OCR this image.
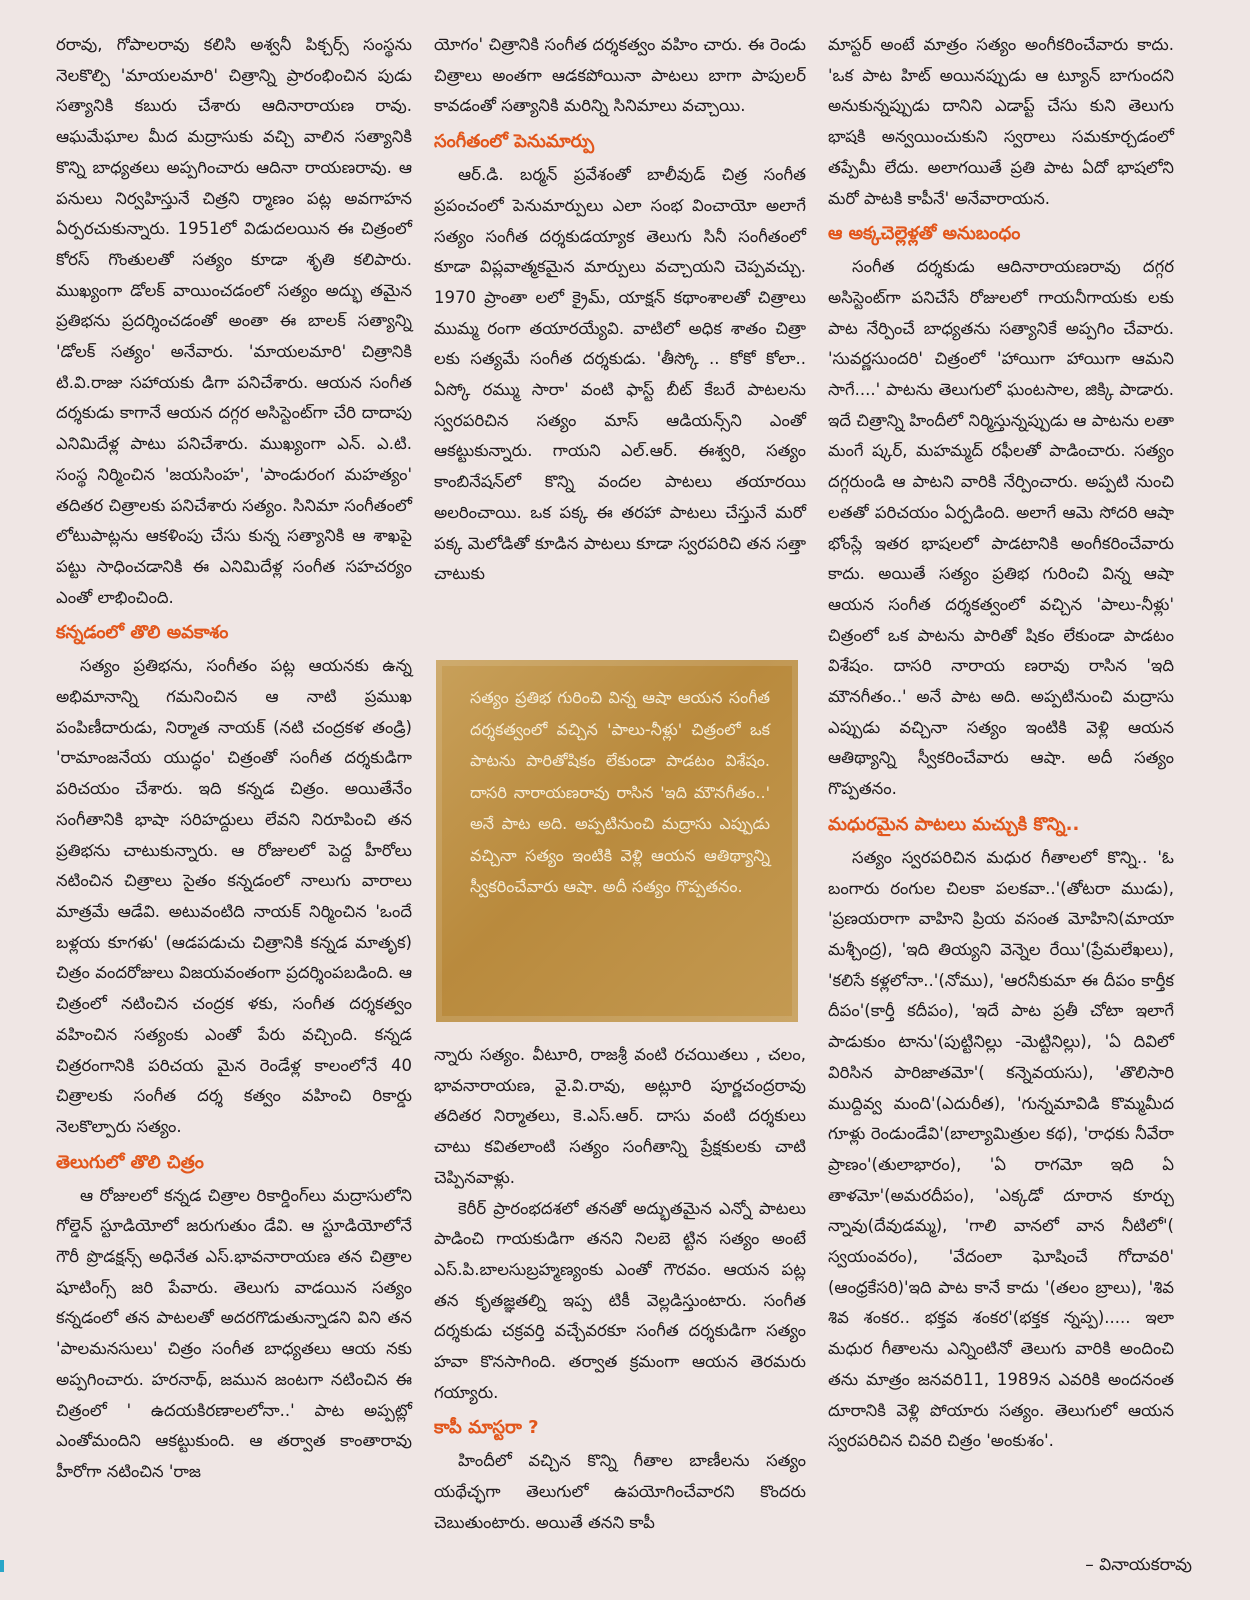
రరావు, గోపాలరావు కలిసి అశ్వనీ పిక్చర్స్ సంస్థను నెలకొల్పి 'మాయలమారి' చిత్రాన్ని ప్రారంభించిన పుడు సత్యానికి కబురు చేశారు ఆదినారాయణ రావు. ఆఘమేఘాల మీద మద్రాసుకు వచ్చి వాలిన సత్యానికి కొన్ని బాధ్యతలు అప్పగించారు ఆదినా రాయణరావు. ఆ పనులు నిర్వహిస్తునే చిత్రని ర్మాణం పట్ల అవగాహన ఏర్పరచుకున్నారు. 1951లో విడుదలయిన ఈ చిత్రంలో కోరస్ గొంతులతో సత్యం కూడా శృతి కలిపారు. ముఖ్యంగా డోలక్ వాయించడంలో సత్యం అద్భు తమైన ప్రతిభను ప్రదర్శించడంతో అంతా ఈ బాలక్ సత్యాన్ని 'డోలక్ సత్యం' అనేవారు. 'మాయలమారి' చిత్రానికి టి.వి.రాజు సహాయకు డిగా పనిచేశారు. ఆయన సంగీత దర్శకుడు కాగానే ఆయన దగ్గర అసిస్టెంట్‌గా చేరి దాదాపు ఎనిమిదేళ్ల పాటు పనిచేశారు. ముఖ్యంగా ఎన్. ఎ.టి. సంస్థ నిర్మించిన 'జయసింహ', 'పాండురంగ మహత్యం' తదితర చిత్రాలకు పనిచేశారు సత్యం. సినిమా సంగీతంలో లోటుపాట్లను ఆకళింపు చేసు కున్న సత్యానికి ఆ శాఖపై పట్టు సాధించడానికి ఈ ఎనిమిదేళ్ల సంగీత సహచర్యం ఎంతో లాభించింది.

కన్నడంలో తొలి అవకాశం

సత్యం ప్రతిభను, సంగీతం పట్ల ఆయనకు ఉన్న అభిమానాన్ని గమనించిన ఆ నాటి ప్రముఖ పంపిణీదారుడు, నిర్మాత నాయక్ (నటి చంద్రకళ తండ్రి) 'రామాంజనేయ యుద్ధం' చిత్రంతో సంగీత దర్శకుడిగా పరిచయం చేశారు. ఇది కన్నడ చిత్రం. అయితేనేం సంగీతానికి భాషా సరిహద్దులు లేవని నిరూపించి తన ప్రతిభను చాటుకున్నారు. ఆ రోజులలో పెద్ద హీరోలు నటించిన చిత్రాలు సైతం కన్నడంలో నాలుగు వారాలు మాత్రమే ఆడేవి. అటువంటిది నాయక్ నిర్మించిన 'ఒందే బళ్లయ కూగళు' (ఆడపడుచు చిత్రానికి కన్నడ మాతృక) చిత్రం వందరోజులు విజయవంతంగా ప్రదర్శింపబడింది. ఆ చిత్రంలో నటించిన చంద్రక ళకు, సంగీత దర్శకత్వం వహించిన సత్యంకు ఎంతో పేరు వచ్చింది. కన్నడ చిత్రరంగానికి పరిచయ మైన రెండేళ్ల కాలంలోనే 40 చిత్రాలకు సంగీత దర్శ కత్వం వహించి రికార్డు నెలకొల్పారు సత్యం.

తెలుగులో తొలి చిత్రం

ఆ రోజులలో కన్నడ చిత్రాల రికార్డింగ్‌లు మద్రాసులోని గోల్డెన్ స్టూడియోలో జరుగుతుం డేవి. ఆ స్టూడియోలోనే గౌరీ ప్రొడక్షన్స్ అధినేత ఎస్.భావనారాయణ తన చిత్రాల షూటింగ్స్ జరి పేవారు. తెలుగు వాడయిన సత్యం కన్నడంలో తన పాటలతో అదరగొడుతున్నాడని విని తన 'పాలమనసులు' చిత్రం సంగీత బాధ్యతలు ఆయ నకు అప్పగించారు. హరనాథ్, జమున జంటగా నటించిన ఈ చిత్రంలో ' ఉదయకిరణాలలోనా..' పాట అప్పట్లో ఎంతోమందిని ఆకట్టుకుంది. ఆ తర్వాత కాంతారావు హీరోగా నటించిన 'రాజ

యోగం' చిత్రానికి సంగీత దర్శకత్వం వహిం చారు. ఈ రెండు చిత్రాలు అంతగా ఆడకపోయినా పాటలు బాగా పాపులర్ కావడంతో సత్యానికి మరిన్ని సినిమాలు వచ్చాయి.

సంగీతంలో పెనుమార్పు

ఆర్.డి. బర్మన్ ప్రవేశంతో బాలీవుడ్ చిత్ర సంగీత ప్రపంచంలో పెనుమార్పులు ఎలా సంభ వించాయో అలాగే సత్యం సంగీత దర్శకుడయ్యాక తెలుగు సినీ సంగీతంలో కూడా విప్లవాత్మకమైన మార్పులు వచ్చాయని చెప్పవచ్చు. 1970 ప్రాంతా లలో క్రైమ్, యాక్షన్ కథాంశాలతో చిత్రాలు ముమ్మ రంగా తయారయ్యేవి. వాటిలో అధిక శాతం చిత్రా లకు సత్యమే సంగీత దర్శకుడు. 'తీస్కో .. కోకో కోలా.. ఏస్కో రమ్ము సారా' వంటి ఫాస్ట్ బీట్ కేబరే పాటలను స్వరపరిచిన సత్యం మాస్ ఆడియన్స్‌ని ఎంతో ఆకట్టుకున్నారు. గాయని ఎల్.ఆర్. ఈశ్వరి, సత్యం కాంబినేషన్‌లో కొన్ని వందల పాటలు తయారయి అలరించాయి. ఒక పక్క ఈ తరహా పాటలు చేస్తునే మరో పక్క మెలోడితో కూడిన పాటలు కూడా స్వరపరిచి తన సత్తా చాటుకు

సత్యం ప్రతిభ గురించి విన్న ఆషా ఆయన సంగీత దర్శకత్వంలో వచ్చిన 'పాలు-నీళ్లు' చిత్రంలో ఒక పాటను పారితోషికం లేకుండా పాడటం విశేషం. దాసరి నారాయణరావు రాసిన 'ఇది మౌనగీతం..' అనే పాట అది. అప్పటినుంచి మద్రాసు ఎప్పుడు వచ్చినా సత్యం ఇంటికి వెళ్లి ఆయన ఆతిథ్యాన్ని స్వీకరించేవారు ఆషా. అదీ సత్యం గొప్పతనం.

న్నారు సత్యం. వీటూరి, రాజశ్రీ వంటి రచయితలు , చలం, భావనారాయణ, వై.వి.రావు, అట్లూరి పూర్ణచంద్రరావు తదితర నిర్మాతలు, కె.ఎస్.ఆర్. దాసు వంటి దర్శకులు చాటు కవితలాంటి సత్యం సంగీతాన్ని ప్రేక్షకులకు చాటి చెప్పినవాళ్లు.

కెరీర్ ప్రారంభదశలో తనతో అద్భుతమైన ఎన్నో పాటలు పాడించి గాయకుడిగా తనని నిలబె ట్టిన సత్యం అంటే ఎస్.పి.బాలసుబ్రహ్మణ్యంకు ఎంతో గౌరవం. ఆయన పట్ల తన కృతజ్ఞతల్ని ఇప్ప టికీ వెల్లడిస్తుంటారు. సంగీత దర్శకుడు చక్రవర్తి వచ్చేవరకూ సంగీత దర్శకుడిగా సత్యం హవా కొనసాగింది. తర్వాత క్రమంగా ఆయన తెరమరు గయ్యారు.

కాపీ మాస్టరా ?

హిందీలో వచ్చిన కొన్ని గీతాల బాణీలను సత్యం యథేచ్ఛగా తెలుగులో ఉపయోగించేవారని కొందరు చెబుతుంటారు. అయితే తనని కాపీ

మాస్టర్ అంటే మాత్రం సత్యం అంగీకరించేవారు కాదు. 'ఒక పాట హిట్ అయినప్పుడు ఆ ట్యూన్ బాగుందని అనుకున్నప్పుడు దానిని ఎడాప్ట్ చేసు కుని తెలుగు భాషకి అన్వయించుకుని స్వరాలు సమకూర్చడంలో తప్పేమీ లేదు. అలాగయితే ప్రతి పాట ఏదో భాషలోని మరో పాటకి కాపీనే' అనేవారాయన.

ఆ అక్కచెల్లెళ్లతో అనుబంధం

సంగీత దర్శకుడు ఆదినారాయణరావు దగ్గర అసిస్టెంట్‌గా పనిచేసే రోజులలో గాయనీగాయకు లకు పాట నేర్పించే బాధ్యతను సత్యానికే అప్పగిం చేవారు. 'సువర్ణసుందరి' చిత్రంలో 'హాయిగా హాయిగా ఆమని సాగే....' పాటను తెలుగులో ఘంటసాల, జిక్కి పాడారు. ఇదే చిత్రాన్ని హిందీలో నిర్మిస్తున్నప్పుడు ఆ పాటను లతా మంగే ష్కర్, మహమ్మద్ రఫీలతో పాడించారు. సత్యం దగ్గరుండి ఆ పాటని వారికి నేర్పించారు. అప్పటి నుంచి లతతో పరిచయం ఏర్పడింది. అలాగే ఆమె సోదరి ఆషా భోంస్లే ఇతర భాషలలో పాడటానికి అంగీకరించేవారు కాదు. అయితే సత్యం ప్రతిభ గురించి విన్న ఆషా ఆయన సంగీత దర్శకత్వంలో వచ్చిన 'పాలు-నీళ్లు' చిత్రంలో ఒక పాటను పారితో షికం లేకుండా పాడటం విశేషం. దాసరి నారాయ ణరావు రాసిన 'ఇది మౌనగీతం..' అనే పాట అది. అప్పటినుంచి మద్రాసు ఎప్పుడు వచ్చినా సత్యం ఇంటికి వెళ్లి ఆయన ఆతిథ్యాన్ని స్వీకరించేవారు ఆషా. అదీ సత్యం గొప్పతనం.

మధురమైన పాటలు మచ్చుకి కొన్ని..

సత్యం స్వరపరిచిన మధుర గీతాలలో కొన్ని.. 'ఓ బంగారు రంగుల చిలకా పలకవా..'(తోటరా ముడు), 'ప్రణయరాగా వాహిని ప్రియ వసంత మోహిని(మాయా మశ్చీంద్ర), 'ఇది తియ్యని వెన్నెల రేయి'(ప్రేమలేఖలు), 'కలిసే కళ్లలోనా..'(నోము), 'ఆరనీకుమా ఈ దీపం కార్తీక దీపం'(కార్తీ కదీపం), 'ఇదే పాట ప్రతీ చోటా ఇలాగే పాడుకుం టాను'(పుట్టినిల్లు -మెట్టినిల్లు), 'ఏ దివిలో విరిసిన పారిజాతమో'( కన్నెవయసు), 'తొలిసారి ముద్దివ్వ మంది'(ఎదురీత), 'గున్నమావిడి కొమ్మమీద గూళ్లు రెండుండేవి'(బాల్యామిత్రుల కథ), 'రాధకు నీవేరా ప్రాణం'(తులాభారం), 'ఏ రాగమో ఇది ఏ తాళమో'(అమరదీపం), 'ఎక్కడో దూరాన కూర్చు న్నావు(దేవుడమ్మ), 'గాలి వానలో వాన నీటిలో'( స్వయంవరం), 'వేదంలా ఘోషించే గోదావరి' (ఆంధ్రకేసరి)'ఇది పాట కానే కాదు '(తలం బ్రాలు), 'శివ శివ శంకర.. భక్తవ శంకర'(భక్తక న్నప్ప)..... ఇలా మధుర గీతాలను ఎన్నింటినో తెలుగు వారికి అందించి తను మాత్రం జనవరి11, 1989న ఎవరికి అందనంత దూరానికి వెళ్లి పోయారు సత్యం. తెలుగులో ఆయన స్వరపరిచిన చివరి చిత్రం 'అంకుశం'.

– వినాయకరావు
